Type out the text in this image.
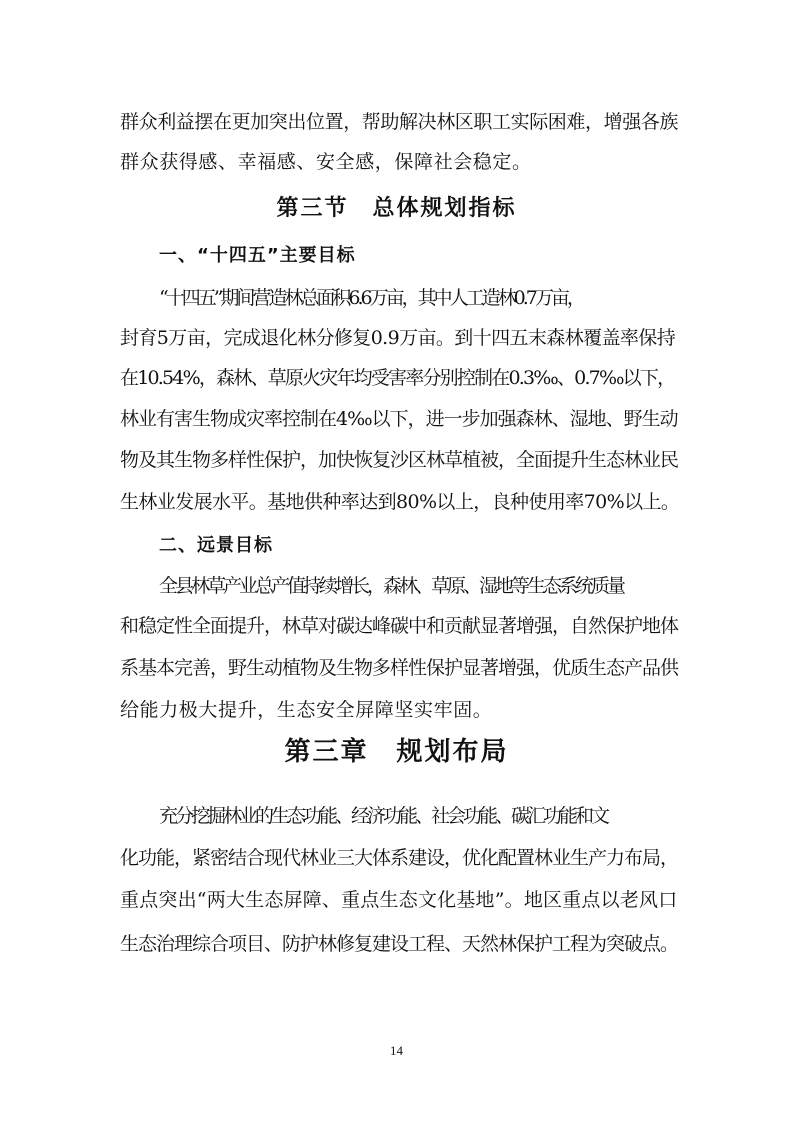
群众利益摆在更加突出位置，帮助解决林区职工实际困难，增强各族
群众获得感、幸福感、安全感，保障社会稳定。
第三节　总体规划指标
一、“十四五”主要目标
“十四五”期间营造林总面积6.6万亩，其中人工造林0.7万亩，
封育5万亩，完成退化林分修复0.9万亩。到十四五末森林覆盖率保持
在10.54%，森林、草原火灾年均受害率分别控制在0.3‰、0.7‰以下，
林业有害生物成灾率控制在4‰以下，进一步加强森林、湿地、野生动
物及其生物多样性保护，加快恢复沙区林草植被，全面提升生态林业民
生林业发展水平。基地供种率达到80%以上，良种使用率70%以上。
二、远景目标
全县林草产业总产值持续增长，森林、草原、湿地等生态系统质量
和稳定性全面提升，林草对碳达峰碳中和贡献显著增强，自然保护地体
系基本完善，野生动植物及生物多样性保护显著增强，优质生态产品供
给能力极大提升，生态安全屏障坚实牢固。
第三章　规划布局
充分挖掘林业的生态功能、经济功能、社会功能、碳汇功能和文
化功能，紧密结合现代林业三大体系建设，优化配置林业生产力布局，
重点突出“两大生态屏障、重点生态文化基地”。地区重点以老风口
生态治理综合项目、防护林修复建设工程、天然林保护工程为突破点。
14
